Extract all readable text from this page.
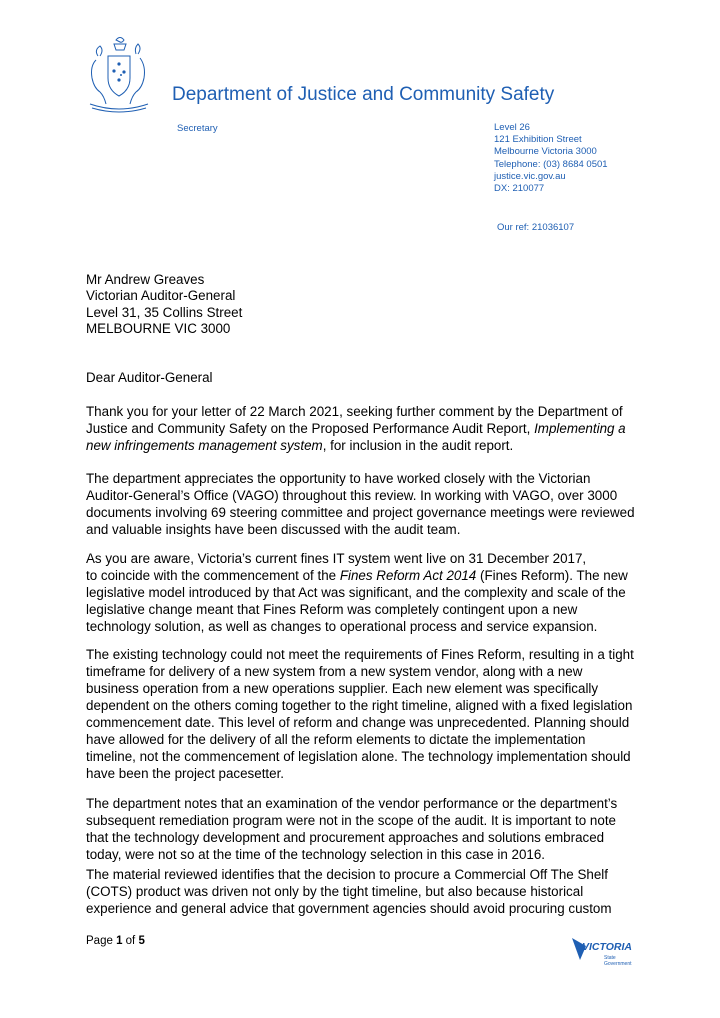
Department of Justice and Community Safety
Secretary	Level 26
121 Exhibition Street
Melbourne Victoria 3000
Telephone: (03) 8684 0501
justice.vic.gov.au
DX: 210077
Our ref: 21036107
Mr Andrew Greaves
Victorian Auditor-General
Level 31, 35 Collins Street
MELBOURNE VIC 3000
Dear Auditor-General
Thank you for your letter of 22 March 2021, seeking further comment by the Department of
Justice and Community Safety on the Proposed Performance Audit Report, Implementing a
new infringements management system, for inclusion in the audit report.
The department appreciates the opportunity to have worked closely with the Victorian
Auditor-General’s Office (VAGO) throughout this review. In working with VAGO, over 3000
documents involving 69 steering committee and project governance meetings were reviewed
and valuable insights have been discussed with the audit team.
As you are aware, Victoria’s current fines IT system went live on 31 December 2017,
to coincide with the commencement of the Fines Reform Act 2014 (Fines Reform). The new
legislative model introduced by that Act was significant, and the complexity and scale of the
legislative change meant that Fines Reform was completely contingent upon a new
technology solution, as well as changes to operational process and service expansion.
The existing technology could not meet the requirements of Fines Reform, resulting in a tight
timeframe for delivery of a new system from a new system vendor, along with a new
business operation from a new operations supplier. Each new element was specifically
dependent on the others coming together to the right timeline, aligned with a fixed legislation
commencement date. This level of reform and change was unprecedented. Planning should
have allowed for the delivery of all the reform elements to dictate the implementation
timeline, not the commencement of legislation alone. The technology implementation should
have been the project pacesetter.
The department notes that an examination of the vendor performance or the department’s
subsequent remediation program were not in the scope of the audit. It is important to note
that the technology development and procurement approaches and solutions embraced
today, were not so at the time of the technology selection in this case in 2016.
The material reviewed identifies that the decision to procure a Commercial Off The Shelf
(COTS) product was driven not only by the tight timeline, but also because historical
experience and general advice that government agencies should avoid procuring custom
Page 1 of 5	VICTORIA
State
Government
